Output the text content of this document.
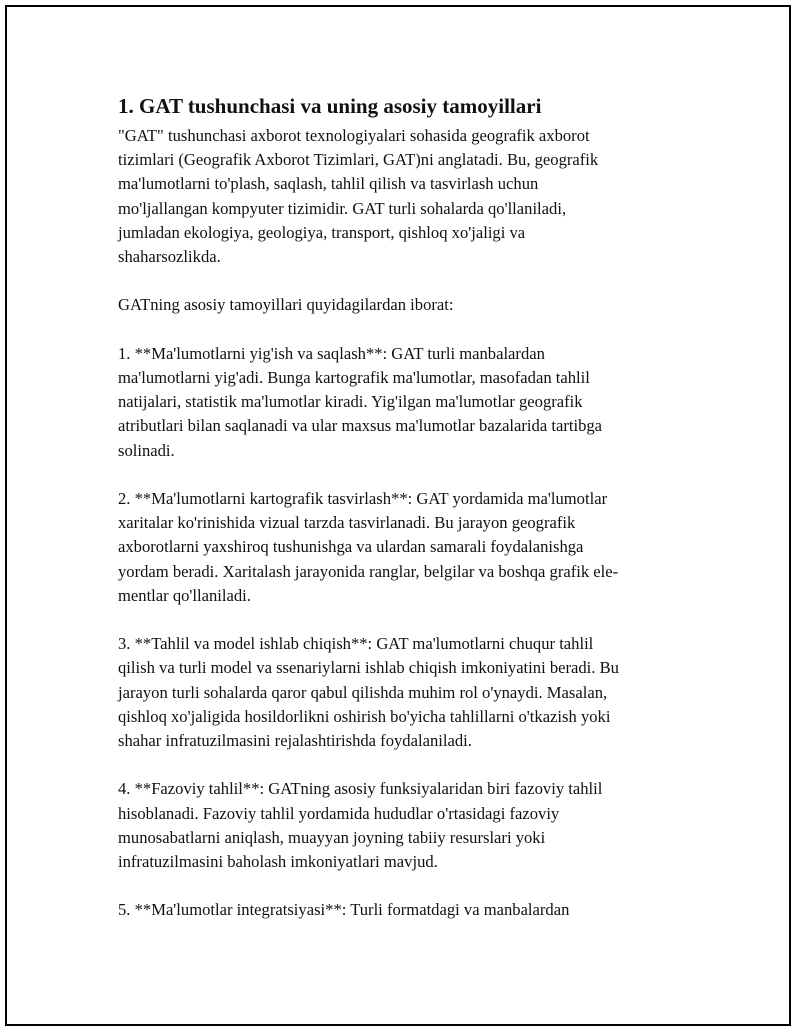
1. GAT tushunchasi va uning asosiy tamoyillari

"GAT" tushunchasi axborot texnologiyalari sohasida geografik axborot
tizimlari (Geografik Axborot Tizimlari, GAT)ni anglatadi. Bu, geografik
ma'lumotlarni to'plash, saqlash, tahlil qilish va tasvirlash uchun
mo'ljallangan kompyuter tizimidir. GAT turli sohalarda qo'llaniladi,
jumladan ekologiya, geologiya, transport, qishloq xo'jaligi va
shaharsozlikda.

GATning asosiy tamoyillari quyidagilardan iborat:

1. **Ma'lumotlarni yig'ish va saqlash**: GAT turli manbalardan
ma'lumotlarni yig'adi. Bunga kartografik ma'lumotlar, masofadan tahlil
natijalari, statistik ma'lumotlar kiradi. Yig'ilgan ma'lumotlar geografik
atributlari bilan saqlanadi va ular maxsus ma'lumotlar bazalarida tartibga
solinadi.

2. **Ma'lumotlarni kartografik tasvirlash**: GAT yordamida ma'lumotlar
xaritalar ko'rinishida vizual tarzda tasvirlanadi. Bu jarayon geografik
axborotlarni yaxshiroq tushunishga va ulardan samarali foydalanishga
yordam beradi. Xaritalash jarayonida ranglar, belgilar va boshqa grafik ele-
mentlar qo'llaniladi.

3. **Tahlil va model ishlab chiqish**: GAT ma'lumotlarni chuqur tahlil
qilish va turli model va ssenariylarni ishlab chiqish imkoniyatini beradi. Bu
jarayon turli sohalarda qaror qabul qilishda muhim rol o'ynaydi. Masalan,
qishloq xo'jaligida hosildorlikni oshirish bo'yicha tahlillarni o'tkazish yoki
shahar infratuzilmasini rejalashtirishda foydalaniladi.

4. **Fazoviy tahlil**: GATning asosiy funksiyalaridan biri fazoviy tahlil
hisoblanadi. Fazoviy tahlil yordamida hududlar o'rtasidagi fazoviy
munosabatlarni aniqlash, muayyan joyning tabiiy resurslari yoki
infratuzilmasini baholash imkoniyatlari mavjud.

5. **Ma'lumotlar integratsiyasi**: Turli formatdagi va manbalardan
